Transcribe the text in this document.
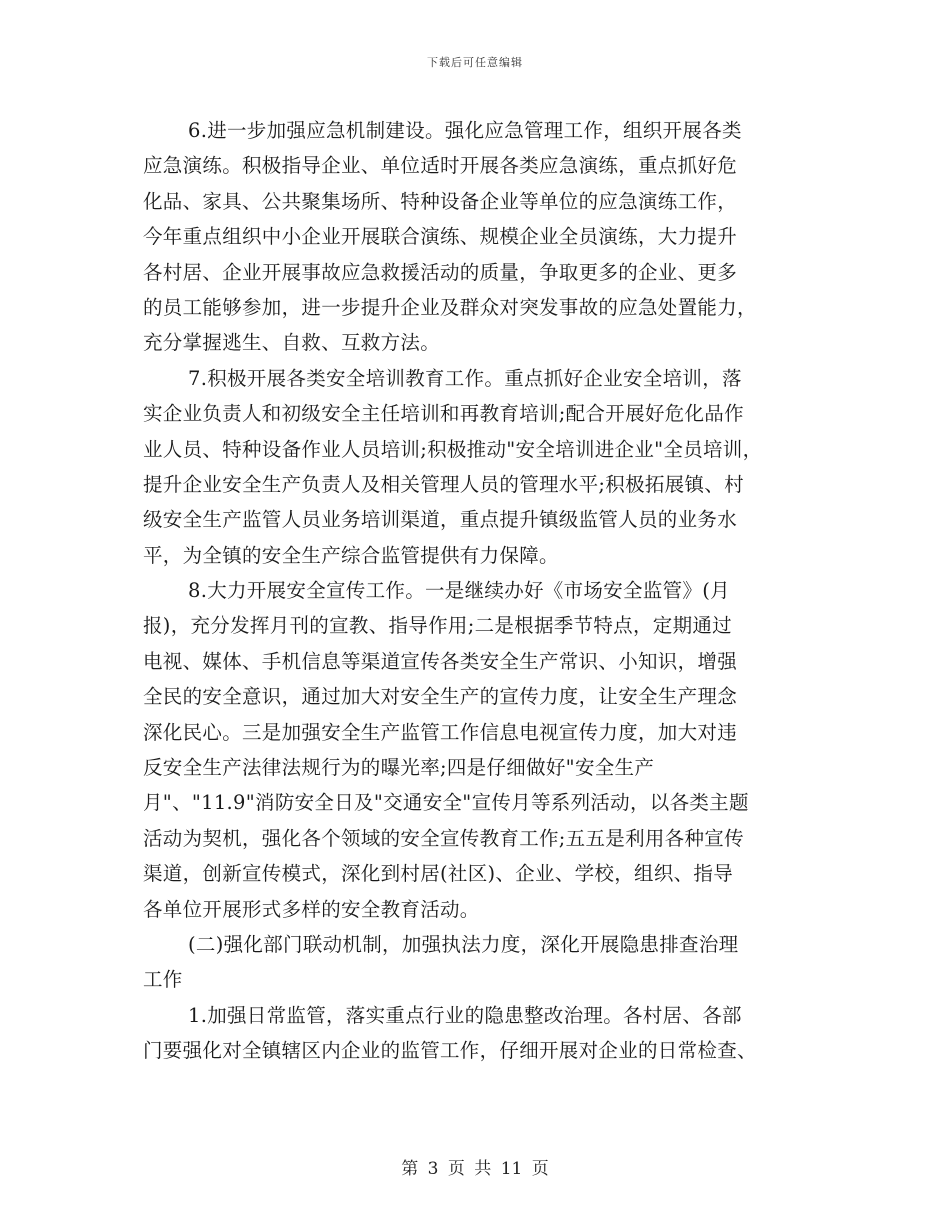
下载后可任意编辑
6.进一步加强应急机制建设。强化应急管理工作，组织开展各类
应急演练。积极指导企业、单位适时开展各类应急演练，重点抓好危
化品、家具、公共聚集场所、特种设备企业等单位的应急演练工作，
今年重点组织中小企业开展联合演练、规模企业全员演练，大力提升
各村居、企业开展事故应急救援活动的质量，争取更多的企业、更多
的员工能够参加，进一步提升企业及群众对突发事故的应急处置能力，
充分掌握逃生、自救、互救方法。
7.积极开展各类安全培训教育工作。重点抓好企业安全培训，落
实企业负责人和初级安全主任培训和再教育培训;配合开展好危化品作
业人员、特种设备作业人员培训;积极推动"安全培训进企业"全员培训，
提升企业安全生产负责人及相关管理人员的管理水平;积极拓展镇、村
级安全生产监管人员业务培训渠道，重点提升镇级监管人员的业务水
平，为全镇的安全生产综合监管提供有力保障。
8.大力开展安全宣传工作。一是继续办好《市场安全监管》(月
报)，充分发挥月刊的宣教、指导作用;二是根据季节特点，定期通过
电视、媒体、手机信息等渠道宣传各类安全生产常识、小知识，增强
全民的安全意识，通过加大对安全生产的宣传力度，让安全生产理念
深化民心。三是加强安全生产监管工作信息电视宣传力度，加大对违
反安全生产法律法规行为的曝光率;四是仔细做好"安全生产
月"、"11.9"消防安全日及"交通安全"宣传月等系列活动，以各类主题
活动为契机，强化各个领域的安全宣传教育工作;五五是利用各种宣传
渠道，创新宣传模式，深化到村居(社区)、企业、学校，组织、指导
各单位开展形式多样的安全教育活动。
(二)强化部门联动机制，加强执法力度，深化开展隐患排查治理
工作
1.加强日常监管，落实重点行业的隐患整改治理。各村居、各部
门要强化对全镇辖区内企业的监管工作，仔细开展对企业的日常检查、
第 3 页 共 11 页
